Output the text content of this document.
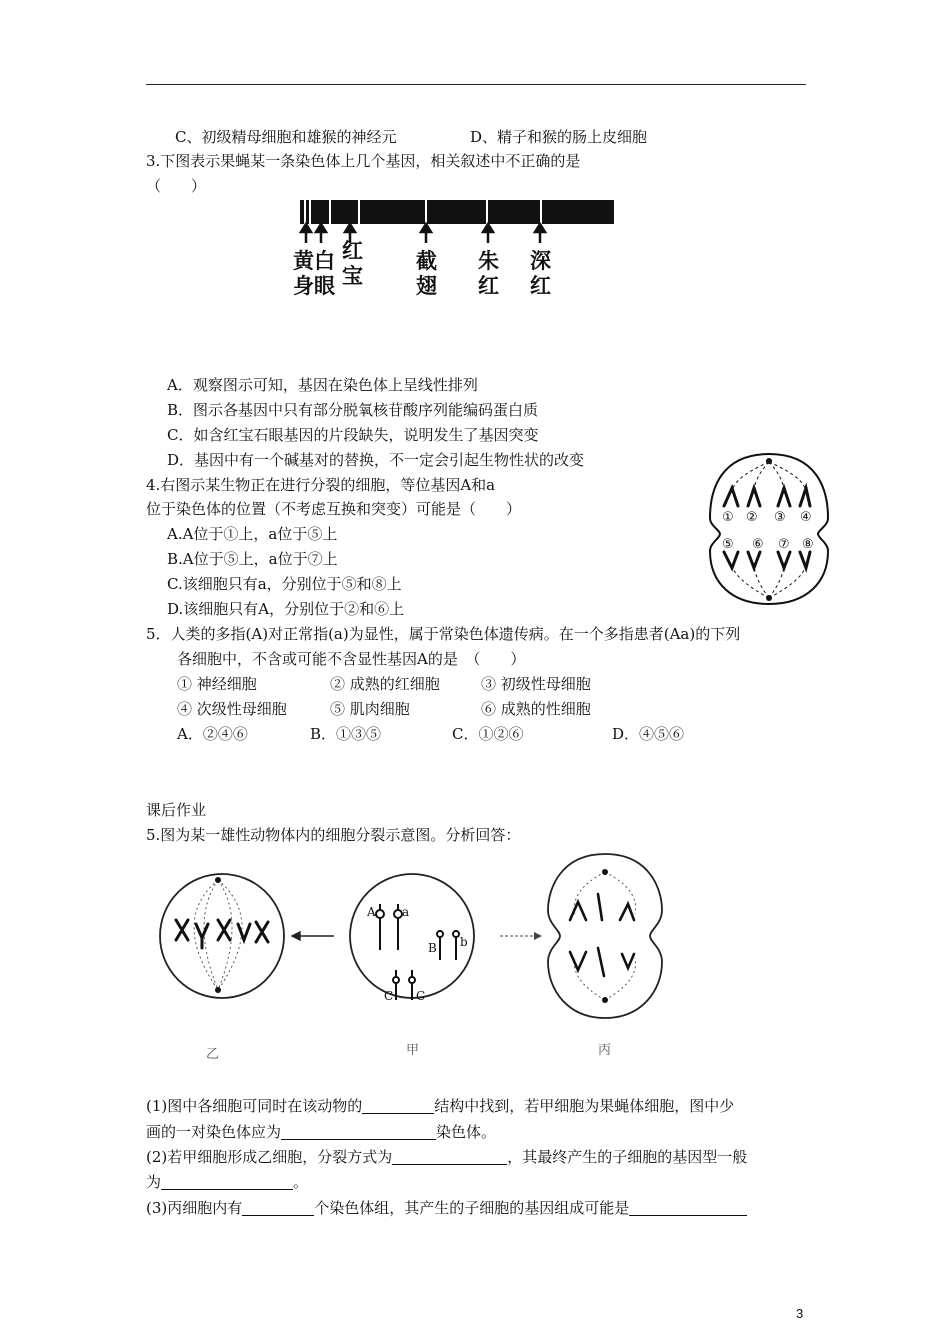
C、初级精母细胞和雄猴的神经元	D、精子和猴的肠上皮细胞
3.下图表示果蝇某一条染色体上几个基因，相关叙述中不正确的是
（　　）
黄
身
白
眼
红
宝
截
翅
朱
红
深
红
A．观察图示可知，基因在染色体上呈线性排列
B．图示各基因中只有部分脱氧核苷酸序列能编码蛋白质
C．如含红宝石眼基因的片段缺失，说明发生了基因突变
D．基因中有一个碱基对的替换，不一定会引起生物性状的改变
4.右图示某生物正在进行分裂的细胞，等位基因A和a
位于染色体的位置（不考虑互换和突变）可能是（　　）
A.A位于①上，a位于⑤上
B.A位于⑤上，a位于⑦上
C.该细胞只有a，分别位于⑤和⑧上
D.该细胞只有A，分别位于②和⑥上
① ② ③ ④
⑤ ⑥ ⑦ ⑧
5．人类的多指(A)对正常指(a)为显性，属于常染色体遗传病。在一个多指患者(Aa)的下列
各细胞中，不含或可能不含显性基因A的是　（　　）
① 神经细胞	② 成熟的红细胞	③ 初级性母细胞
④ 次级性母细胞	⑤ 肌肉细胞	⑥ 成熟的性细胞
A．②④⑥	B．①③⑤	C．①②⑥	D．④⑤⑥
课后作业
5.图为某一雄性动物体内的细胞分裂示意图。分析回答：
A a
B b
C C
乙	甲	丙
(1)图中各细胞可同时在该动物的	结构中找到，若甲细胞为果蝇体细胞，图中少
画的一对染色体应为	染色体。
(2)若甲细胞形成乙细胞，分裂方式为	，其最终产生的子细胞的基因型一般
为	。
(3)丙细胞内有	个染色体组，其产生的子细胞的基因组成可能是
3
